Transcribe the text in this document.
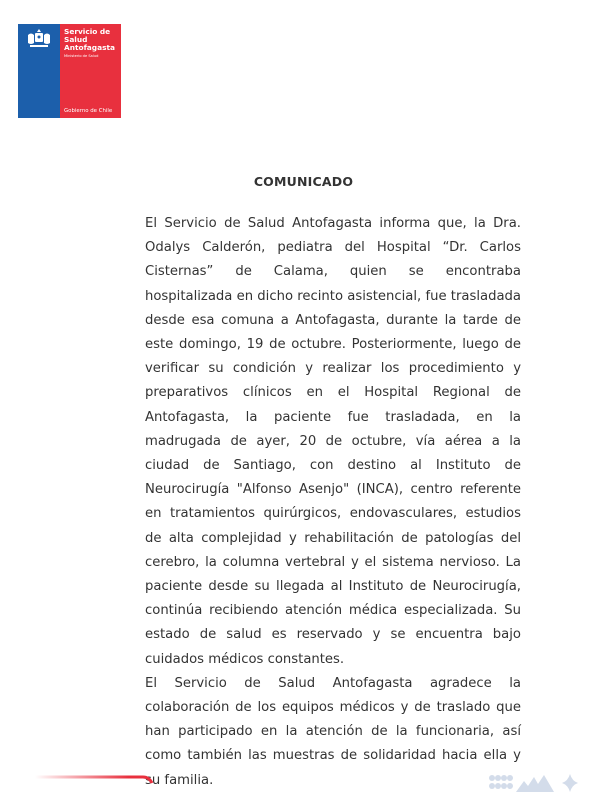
Servicio de
Salud
Antofagasta
Ministerio de Salud
Gobierno de Chile
COMUNICADO

El Servicio de Salud Antofagasta informa que, la Dra. Odalys Calderón, pediatra del Hospital “Dr. Carlos Cisternas” de Calama, quien se encontraba hospitalizada en dicho recinto asistencial, fue trasladada desde esa comuna a Antofagasta, durante la tarde de este domingo, 19 de octubre. Posteriormente, luego de verificar su condición y realizar los procedimiento y preparativos clínicos en el Hospital Regional de Antofagasta, la paciente fue trasladada, en la madrugada de ayer, 20 de octubre, vía aérea a la ciudad de Santiago, con destino al Instituto de Neurocirugía "Alfonso Asenjo" (INCA), centro referente en tratamientos quirúrgicos, endovasculares, estudios de alta complejidad y rehabilitación de patologías del cerebro, la columna vertebral y el sistema nervioso. La paciente desde su llegada al Instituto de Neurocirugía, continúa recibiendo atención médica especializada. Su estado de salud es reservado y se encuentra bajo cuidados médicos constantes.

El Servicio de Salud Antofagasta agradece la colaboración de los equipos médicos y de traslado que han participado en la atención de la funcionaria, así como también las muestras de solidaridad hacia ella y su familia.
